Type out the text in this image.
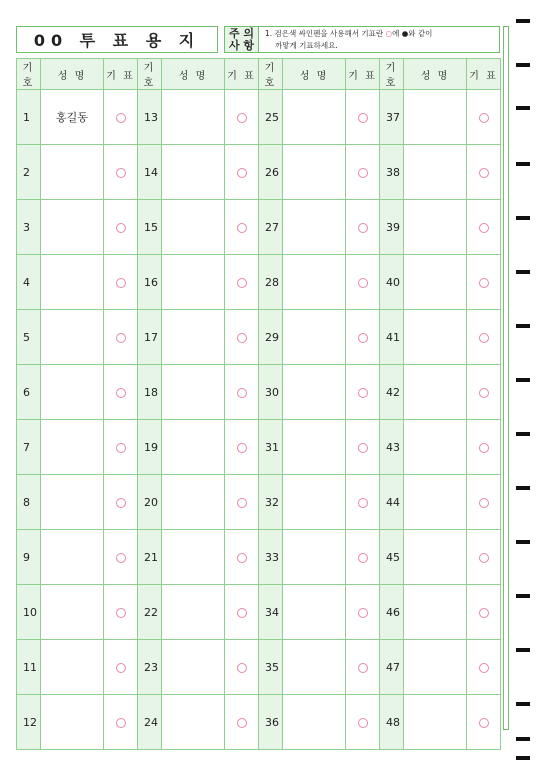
00 투 표 용 지	주 의
사 항
1. 검은색 싸인펜을 사용해서 기표란 ○에 ●와 같이
까맣게 기표하세요.
기호	성 명	기 표	기호	성 명	기 표	기호	성 명	기 표	기호	성 명	기 표
1	홍길동		13			25			37		
2			14			26			38		
3			15			27			39		
4			16			28			40		
5			17			29			41		
6			18			30			42		
7			19			31			43		
8			20			32			44		
9			21			33			45		
10			22			34			46		
11			23			35			47		
12			24			36			48		
